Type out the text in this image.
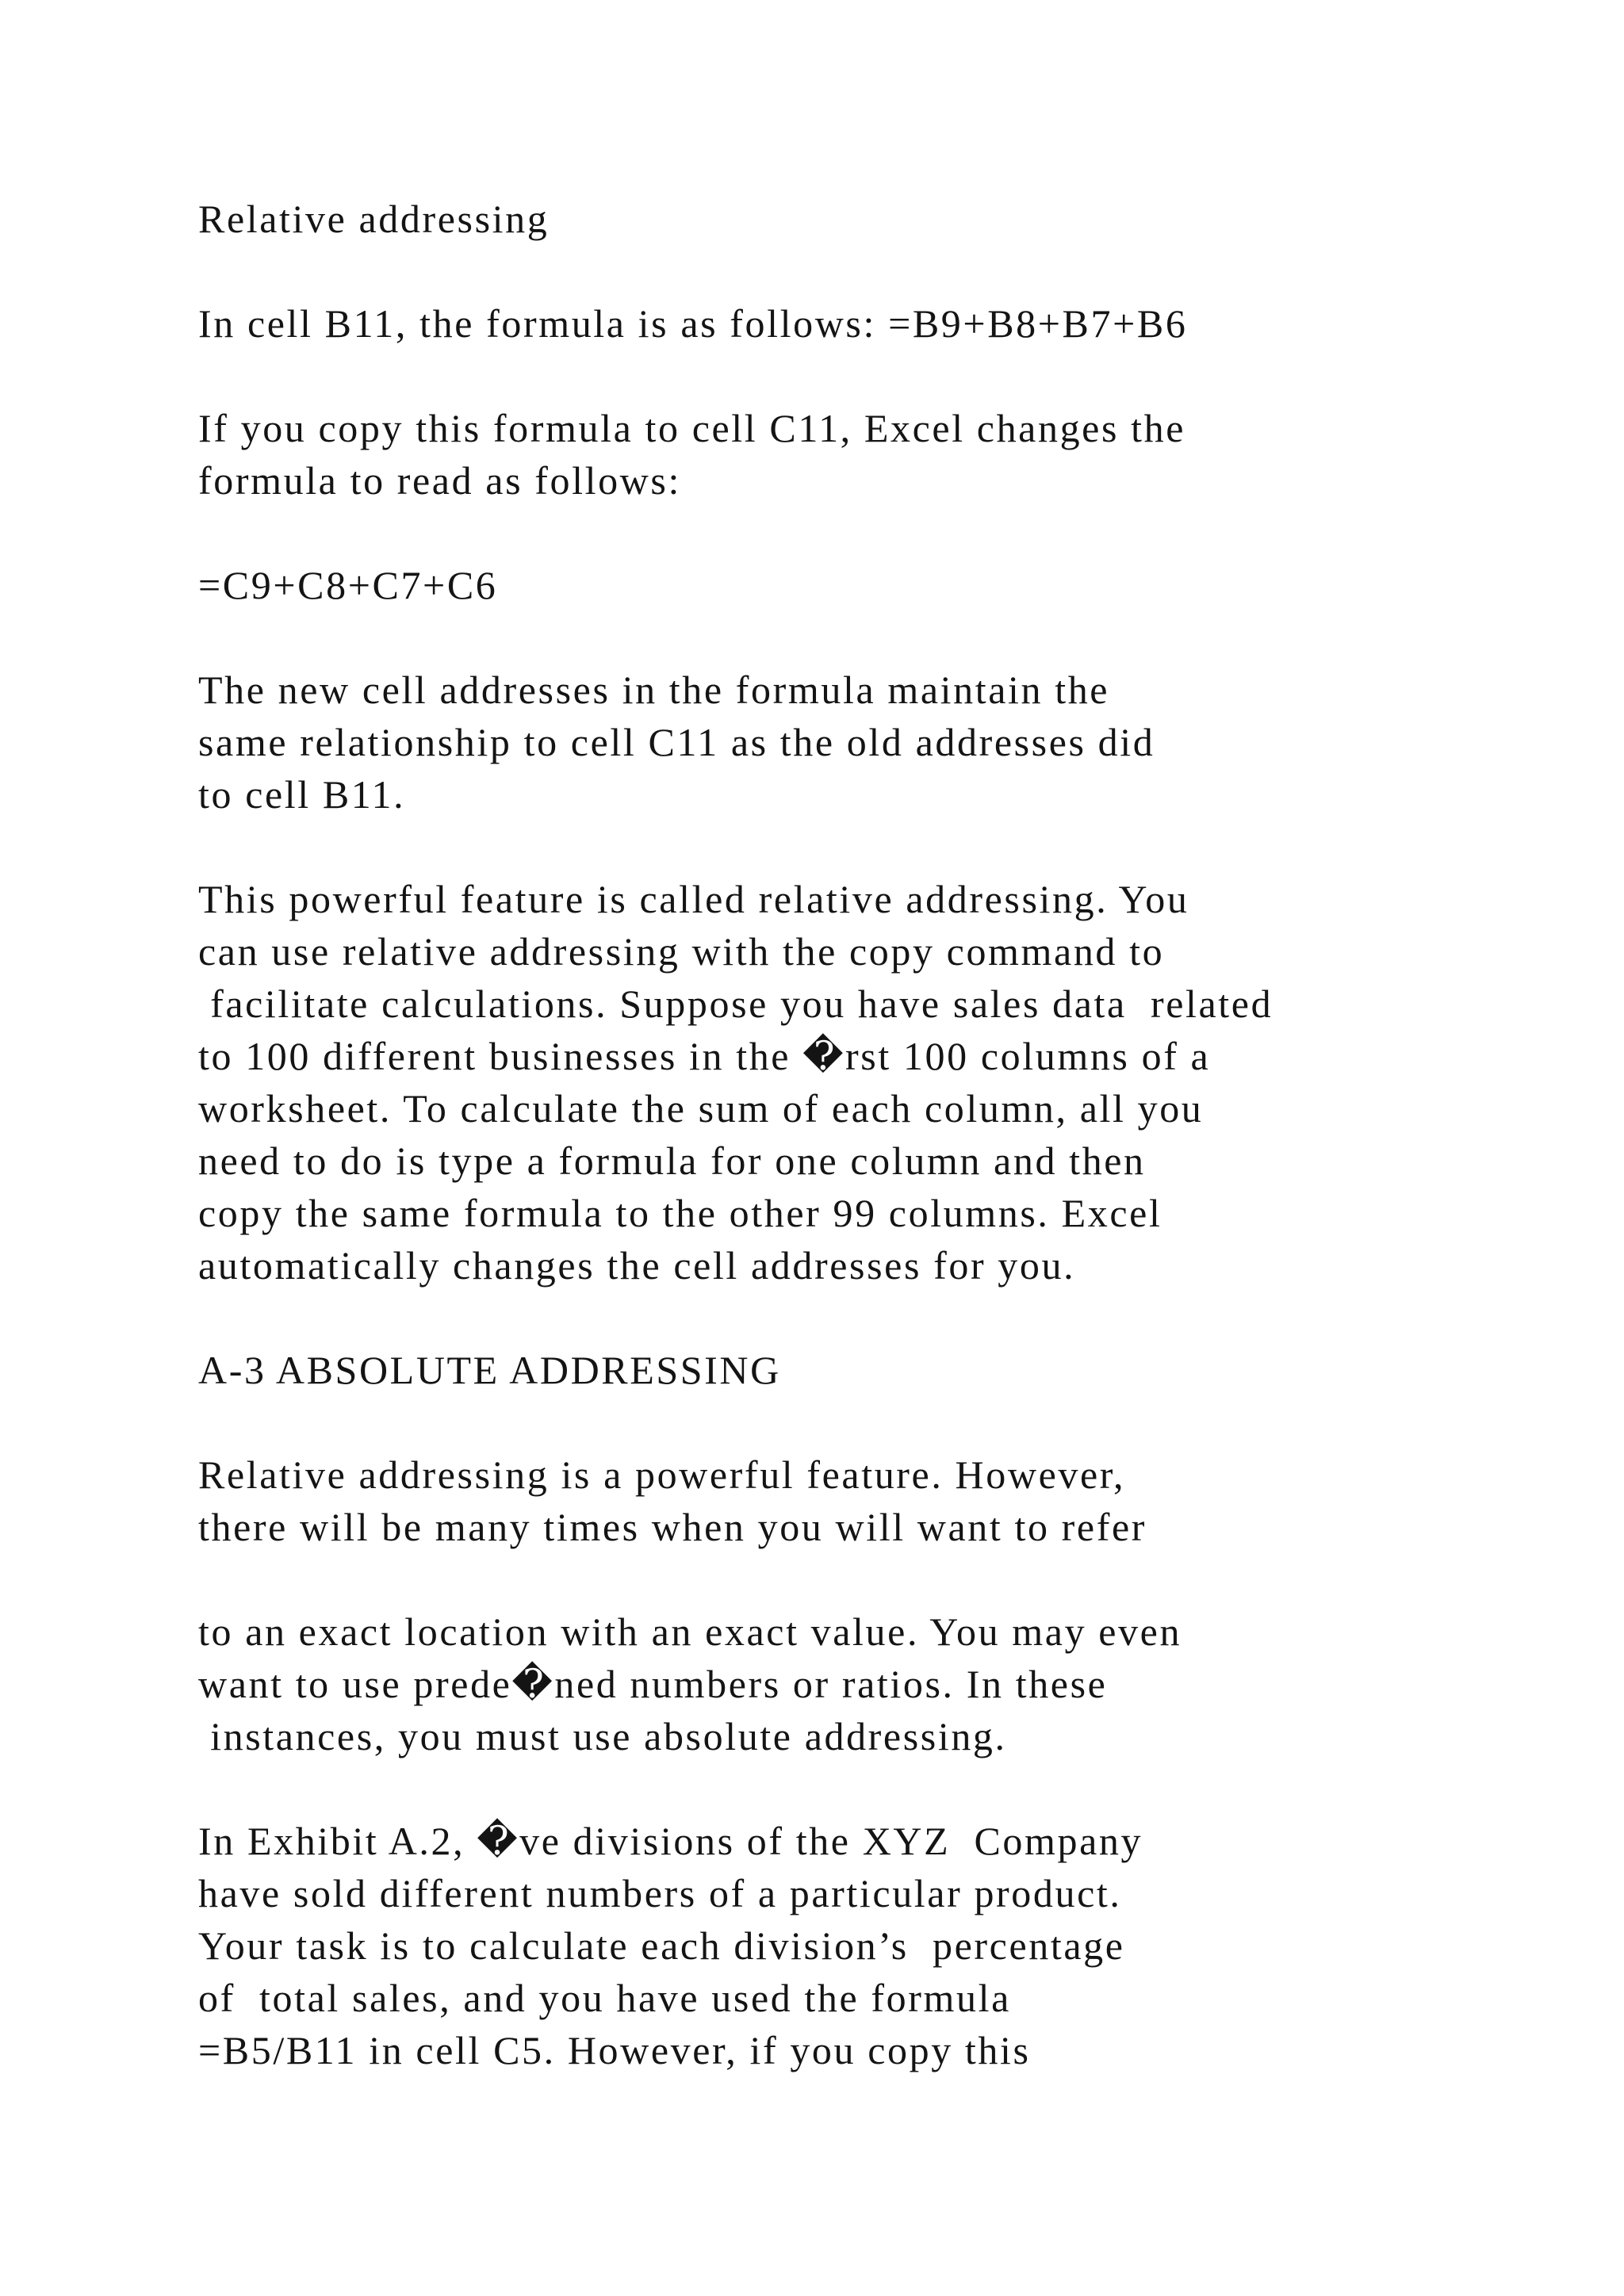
Relative addressing
In cell B11, the formula is as follows: =B9+B8+B7+B6
If you copy this formula to cell C11, Excel changes the
formula to read as follows:
=C9+C8+C7+C6
The new cell addresses in the formula maintain the
same relationship to cell C11 as the old addresses did
to cell B11.
This powerful feature is called relative addressing. You
can use relative addressing with the copy command to
facilitate calculations. Suppose you have sales data  related
to 100 different businesses in the �rst 100 columns of a
worksheet. To calculate the sum of each column, all you
need to do is type a formula for one column and then
copy the same formula to the other 99 columns. Excel
automatically changes the cell addresses for you.
A-3 ABSOLUTE ADDRESSING
Relative addressing is a powerful feature. However,
there will be many times when you will want to refer
to an exact location with an exact value. You may even
want to use prede�ned numbers or ratios. In these
instances, you must use absolute addressing.
In Exhibit A.2, �ve divisions of the XYZ  Company
have sold different numbers of a particular product.
Your task is to calculate each division’s  percentage
of  total sales, and you have used the formula
=B5/B11 in cell C5. However, if you copy this
